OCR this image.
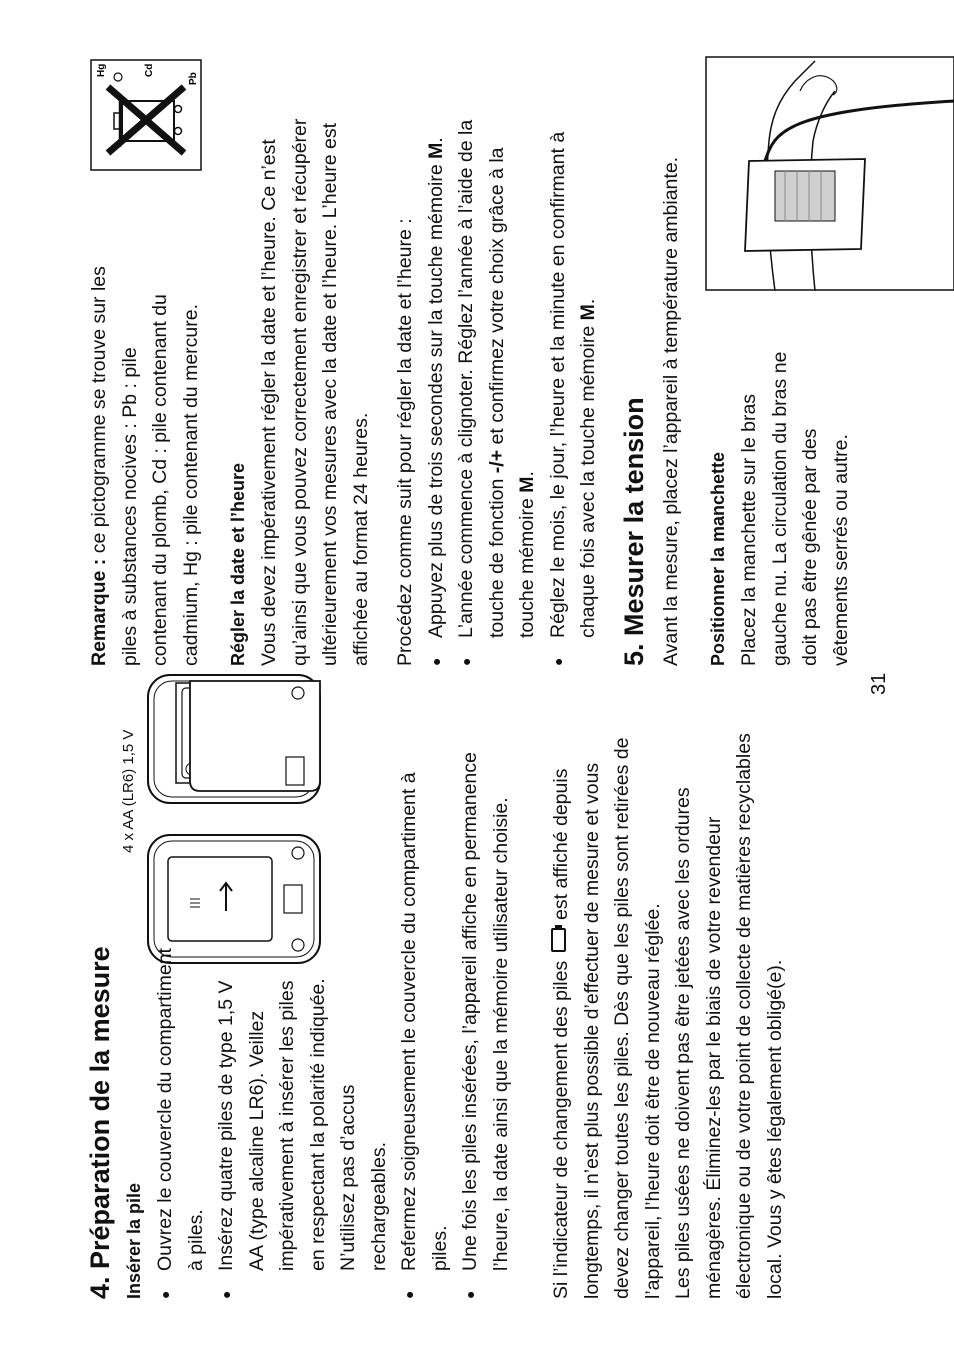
4. Préparation de la mesure Insérer la pile ● Ouvrez le couvercle du compartiment à piles. ● Insérez quatre piles de type 1,5 V AA (type alcaline LR6). Veillez impérativement à insérer les piles en respectant la polarité indiquée. N’utilisez pas d’accus rechargeables. ● Refermez soigneusement le couvercle du compartiment à piles. ● Une fois les piles insérées, l’appareil affiche en permanence l’heure, la date ainsi que la mémoire utilisateur choisie. Si l’indicateur de changement des piles  est affiché depuis longtemps, il n’est plus possible d’effectuer de mesure et vous devez changer toutes les piles. Dès que les piles sont retirées de l’appareil, l’heure doit être de nouveau réglée. Les piles usées ne doivent pas être jetées avec les ordures ménagères. Éliminez-les par le biais de votre revendeur électronique ou de votre point de collecte de matières recyclables local. Vous y êtes légalement obligé(e).

4 x AA (LR6) 1,5 V

Remarque : ce pictogramme se trouve sur les piles à substances nocives : Pb : pile contenant du plomb, Cd : pile contenant du cadmium, Hg : pile contenant du mercure. Régler la date et l’heure Vous devez impérativement régler la date et l’heure. Ce n’est qu’ainsi que vous pouvez correctement enregistrer et récupérer ultérieurement vos mesures avec la date et l’heure. L’heure est affichée au format 24 heures. Procédez comme suit pour régler la date et l’heure : ● Appuyez plus de trois secondes sur la touche mémoire M. ● L’année commence à clignoter. Réglez l’année à l’aide de la touche de fonction -/+ et confirmez votre choix grâce à la touche mémoire M. ● Réglez le mois, le jour, l’heure et la minute en confirmant à chaque fois avec la touche mémoire M.
5. Mesurer la tension Avant la mesure, placez l’appareil à température ambiante. Positionner la manchette Placez la manchette sur le bras gauche nu. La circulation du bras ne doit pas être gênée par des vêtements serrés ou autre.

Pb
Cd
Hg
31
